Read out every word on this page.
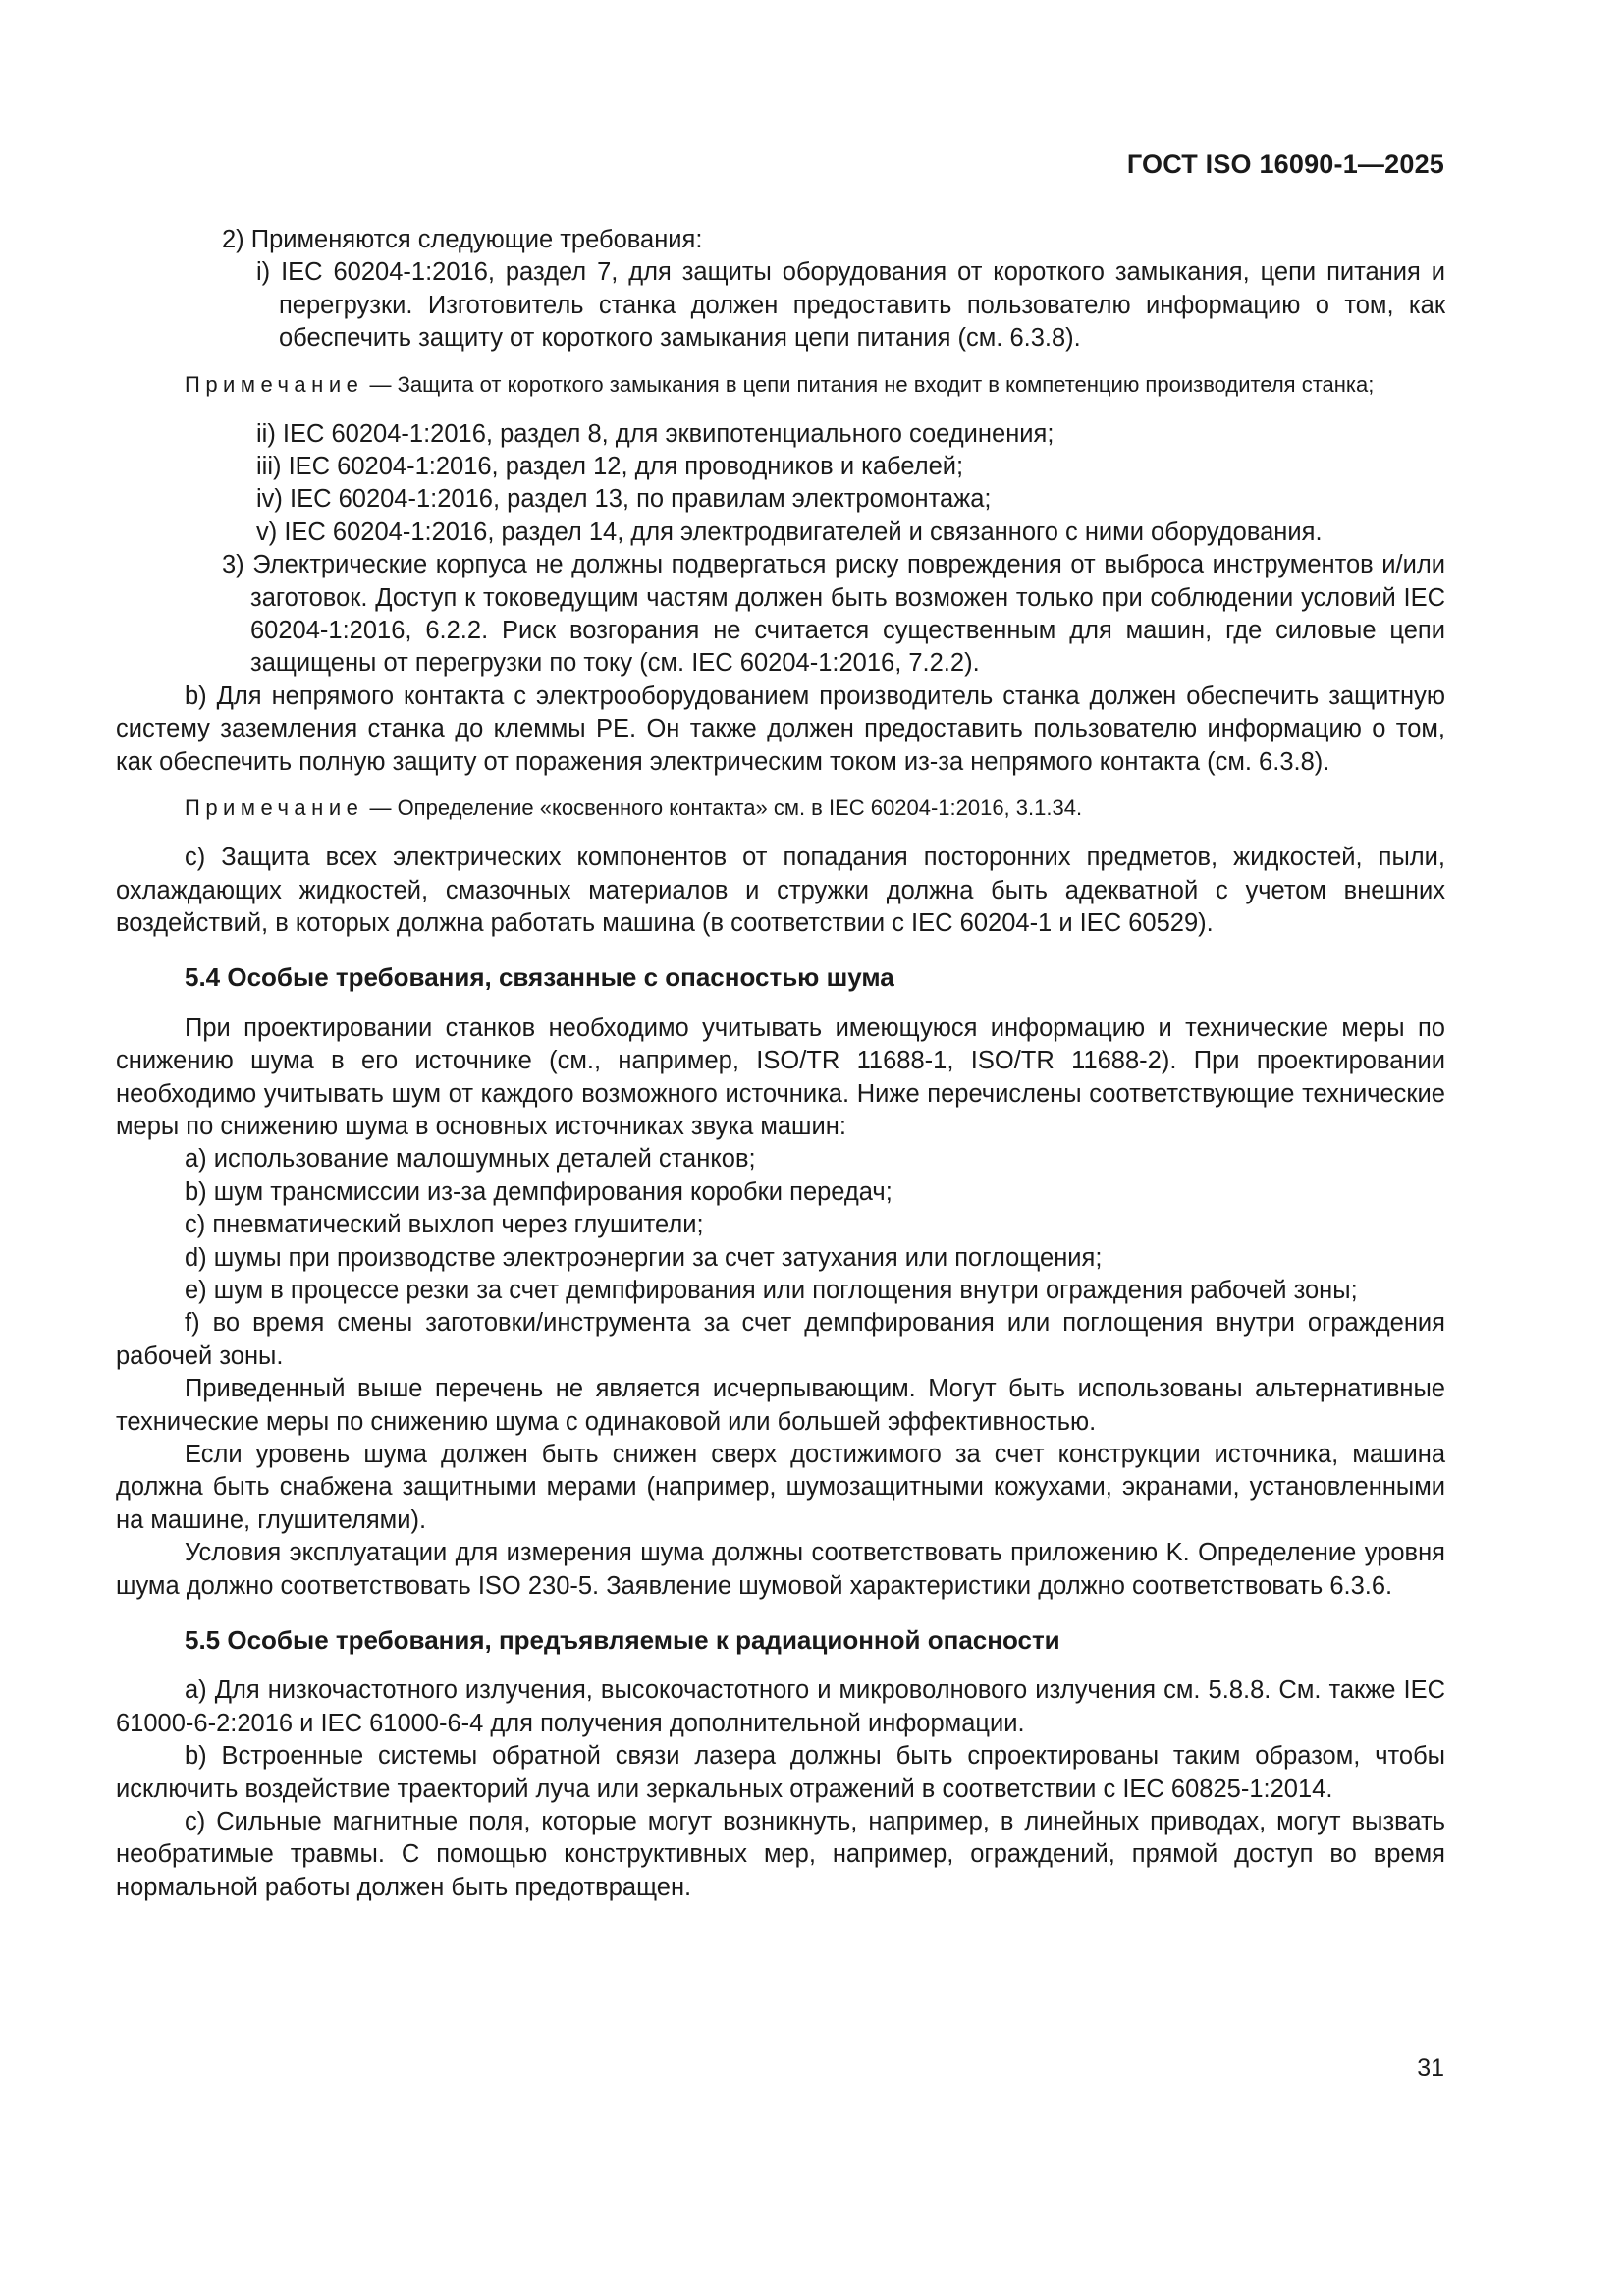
ГОСТ ISO 16090-1—2025

2) Применяются следующие требования:

i) IEC 60204-1:2016, раздел 7, для защиты оборудования от короткого замыкания, цепи питания и перегрузки. Изготовитель станка должен предоставить пользователю информацию о том, как обеспечить защиту от короткого замыкания цепи питания (см. 6.3.8).

Примечание — Защита от короткого замыкания в цепи питания не входит в компетенцию производителя станка;

ii) IEC 60204-1:2016, раздел 8, для эквипотенциального соединения;

iii) IEC 60204-1:2016, раздел 12, для проводников и кабелей;

iv) IEC 60204-1:2016, раздел 13, по правилам электромонтажа;

v) IEC 60204-1:2016, раздел 14, для электродвигателей и связанного с ними оборудования.

3) Электрические корпуса не должны подвергаться риску повреждения от выброса инструментов и/или заготовок. Доступ к токоведущим частям должен быть возможен только при соблюдении условий IEC 60204-1:2016, 6.2.2. Риск возгорания не считается существенным для машин, где силовые цепи защищены от перегрузки по току (см. IEC 60204-1:2016, 7.2.2).

b) Для непрямого контакта с электрооборудованием производитель станка должен обеспечить защитную систему заземления станка до клеммы PE. Он также должен предоставить пользователю информацию о том, как обеспечить полную защиту от поражения электрическим током из-за непрямого контакта (см. 6.3.8).

Примечание — Определение «косвенного контакта» см. в IEC 60204-1:2016, 3.1.34.

c) Защита всех электрических компонентов от попадания посторонних предметов, жидкостей, пыли, охлаждающих жидкостей, смазочных материалов и стружки должна быть адекватной с учетом внешних воздействий, в которых должна работать машина (в соответствии с IEC 60204-1 и IEC 60529).

5.4 Особые требования, связанные с опасностью шума

При проектировании станков необходимо учитывать имеющуюся информацию и технические меры по снижению шума в его источнике (см., например, ISO/TR 11688-1, ISO/TR 11688-2). При проектировании необходимо учитывать шум от каждого возможного источника. Ниже перечислены соответствующие технические меры по снижению шума в основных источниках звука машин:

a) использование малошумных деталей станков;

b) шум трансмиссии из-за демпфирования коробки передач;

c) пневматический выхлоп через глушители;

d) шумы при производстве электроэнергии за счет затухания или поглощения;

e) шум в процессе резки за счет демпфирования или поглощения внутри ограждения рабочей зоны;

f) во время смены заготовки/инструмента за счет демпфирования или поглощения внутри ограждения рабочей зоны.

Приведенный выше перечень не является исчерпывающим. Могут быть использованы альтернативные технические меры по снижению шума с одинаковой или большей эффективностью.

Если уровень шума должен быть снижен сверх достижимого за счет конструкции источника, машина должна быть снабжена защитными мерами (например, шумозащитными кожухами, экранами, установленными на машине, глушителями).

Условия эксплуатации для измерения шума должны соответствовать приложению K. Определение уровня шума должно соответствовать ISO 230-5. Заявление шумовой характеристики должно соответствовать 6.3.6.

5.5 Особые требования, предъявляемые к радиационной опасности

a) Для низкочастотного излучения, высокочастотного и микроволнового излучения см. 5.8.8. См. также IEC 61000-6-2:2016 и IEC 61000-6-4 для получения дополнительной информации.

b) Встроенные системы обратной связи лазера должны быть спроектированы таким образом, чтобы исключить воздействие траекторий луча или зеркальных отражений в соответствии с IEC 60825-1:2014.

c) Сильные магнитные поля, которые могут возникнуть, например, в линейных приводах, могут вызвать необратимые травмы. С помощью конструктивных мер, например, ограждений, прямой доступ во время нормальной работы должен быть предотвращен.

31
